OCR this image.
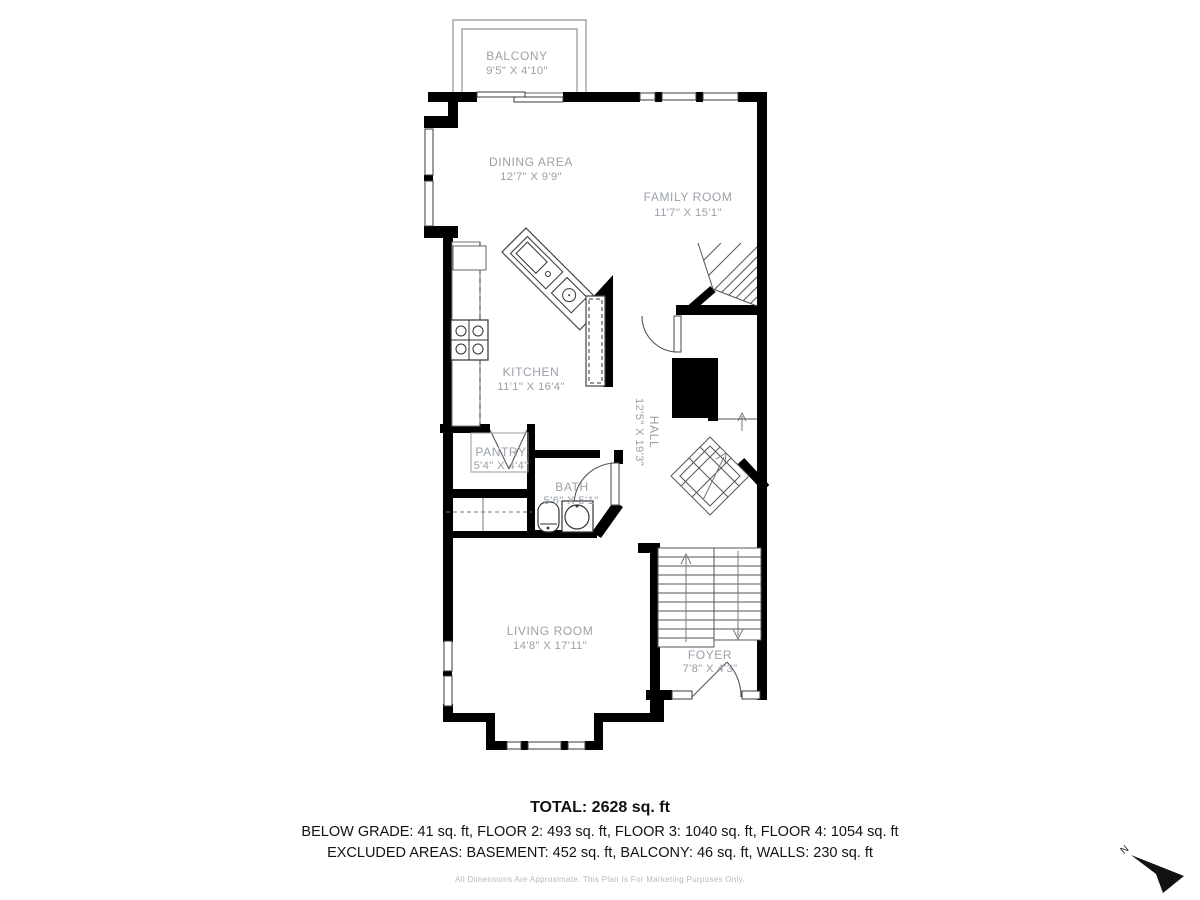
BALCONY
9'5" X 4'10"
DINING AREA
12'7" X 9'9"
FAMILY ROOM
11'7" X 15'1"
KITCHEN
11'1" X 16'4"
HALL
12'5" X 19'3"
PANTRY
5'4" X 4'4"
BATH
5'6" X 5'1"
LIVING ROOM
14'8" X 17'11"
FOYER
7'8" X 4'3"
N
TOTAL: 2628 sq. ft
BELOW GRADE: 41 sq. ft, FLOOR 2: 493 sq. ft, FLOOR 3: 1040 sq. ft, FLOOR 4: 1054 sq. ft
EXCLUDED AREAS: BASEMENT: 452 sq. ft, BALCONY: 46 sq. ft, WALLS: 230 sq. ft
All Dimensions Are Approximate. This Plan Is For Marketing Purposes Only.
